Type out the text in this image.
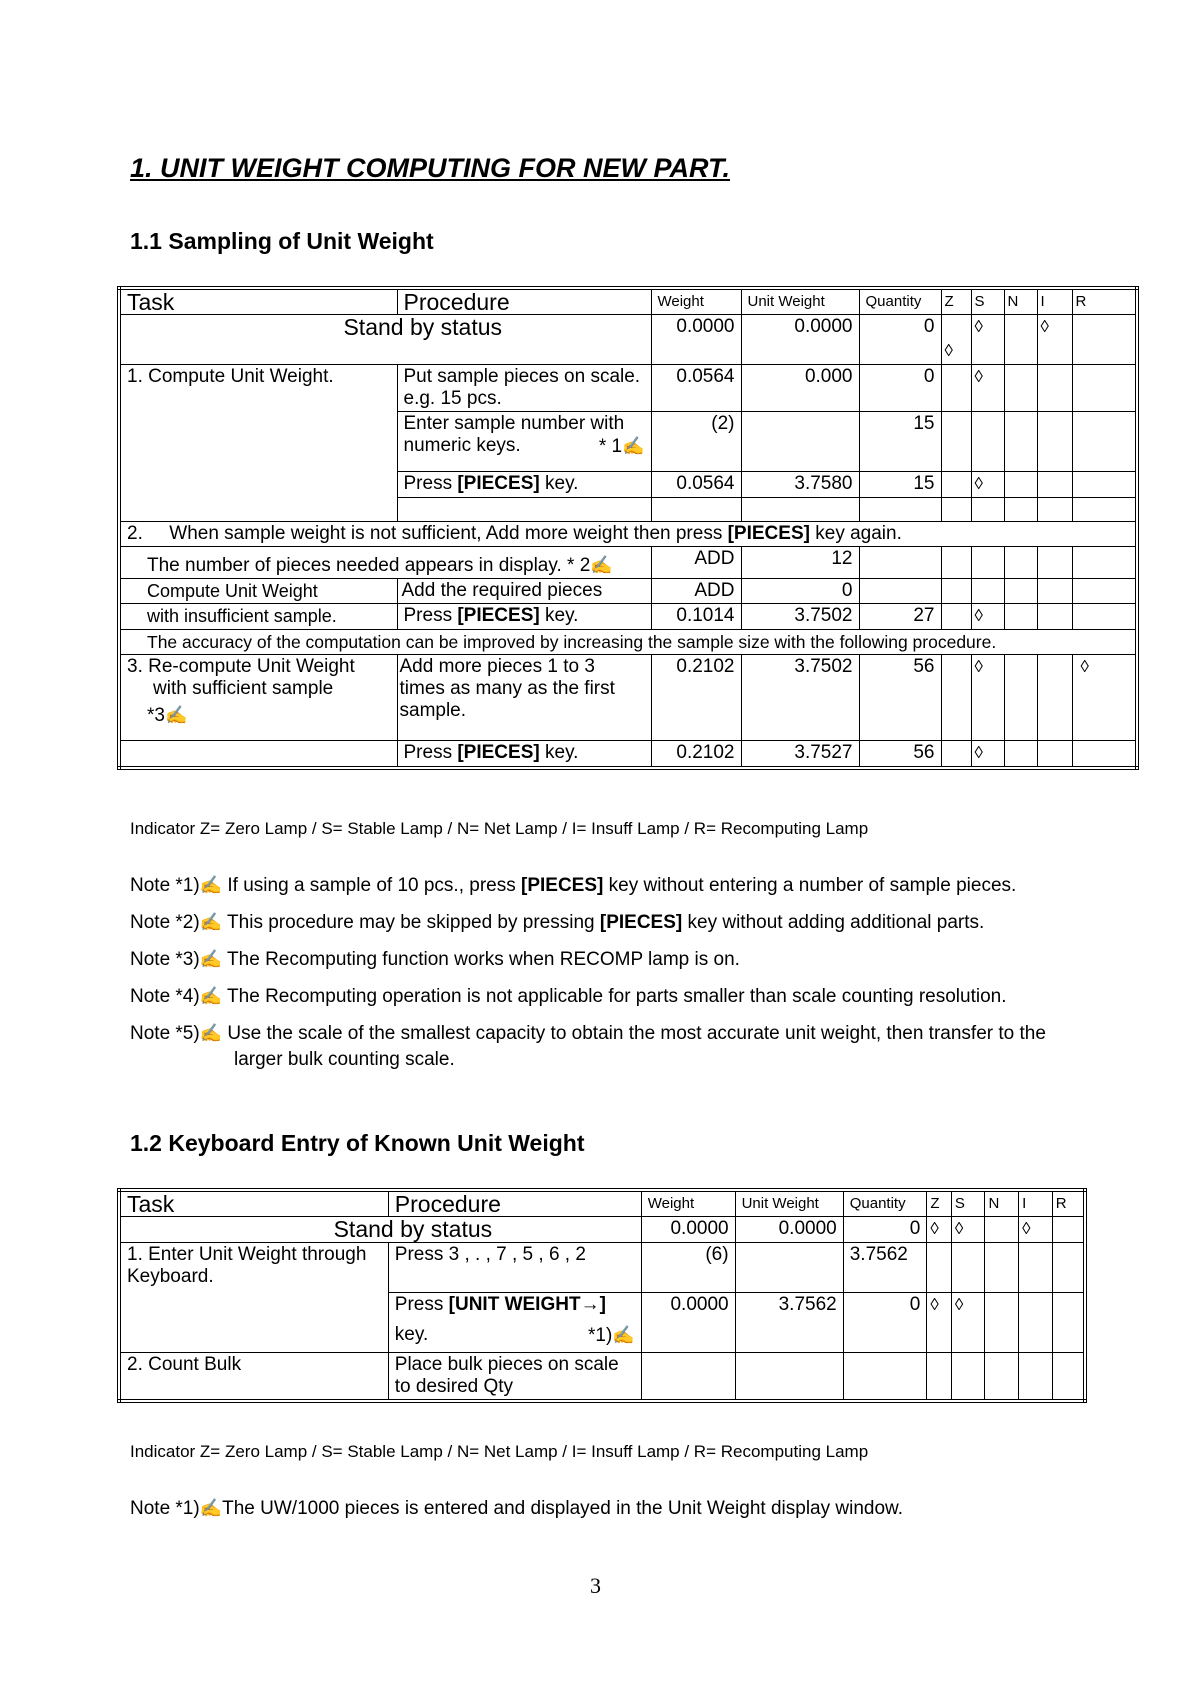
1. UNIT WEIGHT COMPUTING FOR NEW PART.
1.1 Sampling of Unit Weight
Task	Procedure	Weight	Unit Weight	Quantity	Z	S	N	I	R
Stand by status		0.0000	0.0000	0	◊	◊		◊	
1. Compute Unit Weight.	Put sample pieces on scale. e.g. 15 pcs.	0.0564	0.000	0		◊			
	Enter sample number with numeric keys. * 1✍	(2)		15					
	Press [PIECES] key.	0.0564	3.7580	15		◊			

2. When sample weight is not sufficient, Add more weight then press [PIECES] key again.									
The number of pieces needed appears in display. * 2✍		ADD	12						
Compute Unit Weight	Add the required pieces	ADD	0						
with insufficient sample.	Press [PIECES] key.	0.1014	3.7502	27		◊			
The accuracy of the computation can be improved by increasing the sample size with the following procedure.									

3. Re-compute Unit Weight
with sufficient sample
*3✍	Add more pieces 1 to 3 times as many as the first sample.	0.2102	3.7502	56		◊			◊
	Press [PIECES] key.	0.2102	3.7527	56		◊			
Indicator Z= Zero Lamp / S= Stable Lamp / N= Net Lamp / I= Insuff Lamp / R= Recomputing Lamp
Note *1)✍ If using a sample of 10 pcs., press [PIECES] key without entering a number of sample pieces.
Note *2)✍ This procedure may be skipped by pressing [PIECES] key without adding additional parts.
Note *3)✍ The Recomputing function works when RECOMP lamp is on.
Note *4)✍ The Recomputing operation is not applicable for parts smaller than scale counting resolution.
Note *5)✍ Use the scale of the smallest capacity to obtain the most accurate unit weight, then transfer to the
larger bulk counting scale.
1.2 Keyboard Entry of Known Unit Weight
Task	Procedure	Weight	Unit Weight	Quantity	Z	S	N	I	R
Stand by status		0.0000	0.0000	0	◊	◊		◊	
1. Enter Unit Weight through Keyboard.	Press 3 , . , 7 , 5 , 6 , 2	(6)		3.7562					

	Press [UNIT WEIGHT→]
key. *1)✍	0.0000	3.7562	0	◊	◊			
2. Count Bulk	Place bulk pieces on scale to desired Qty								
Indicator Z= Zero Lamp / S= Stable Lamp / N= Net Lamp / I= Insuff Lamp / R= Recomputing Lamp
Note *1)✍The UW/1000 pieces is entered and displayed in the Unit Weight display window.
3
